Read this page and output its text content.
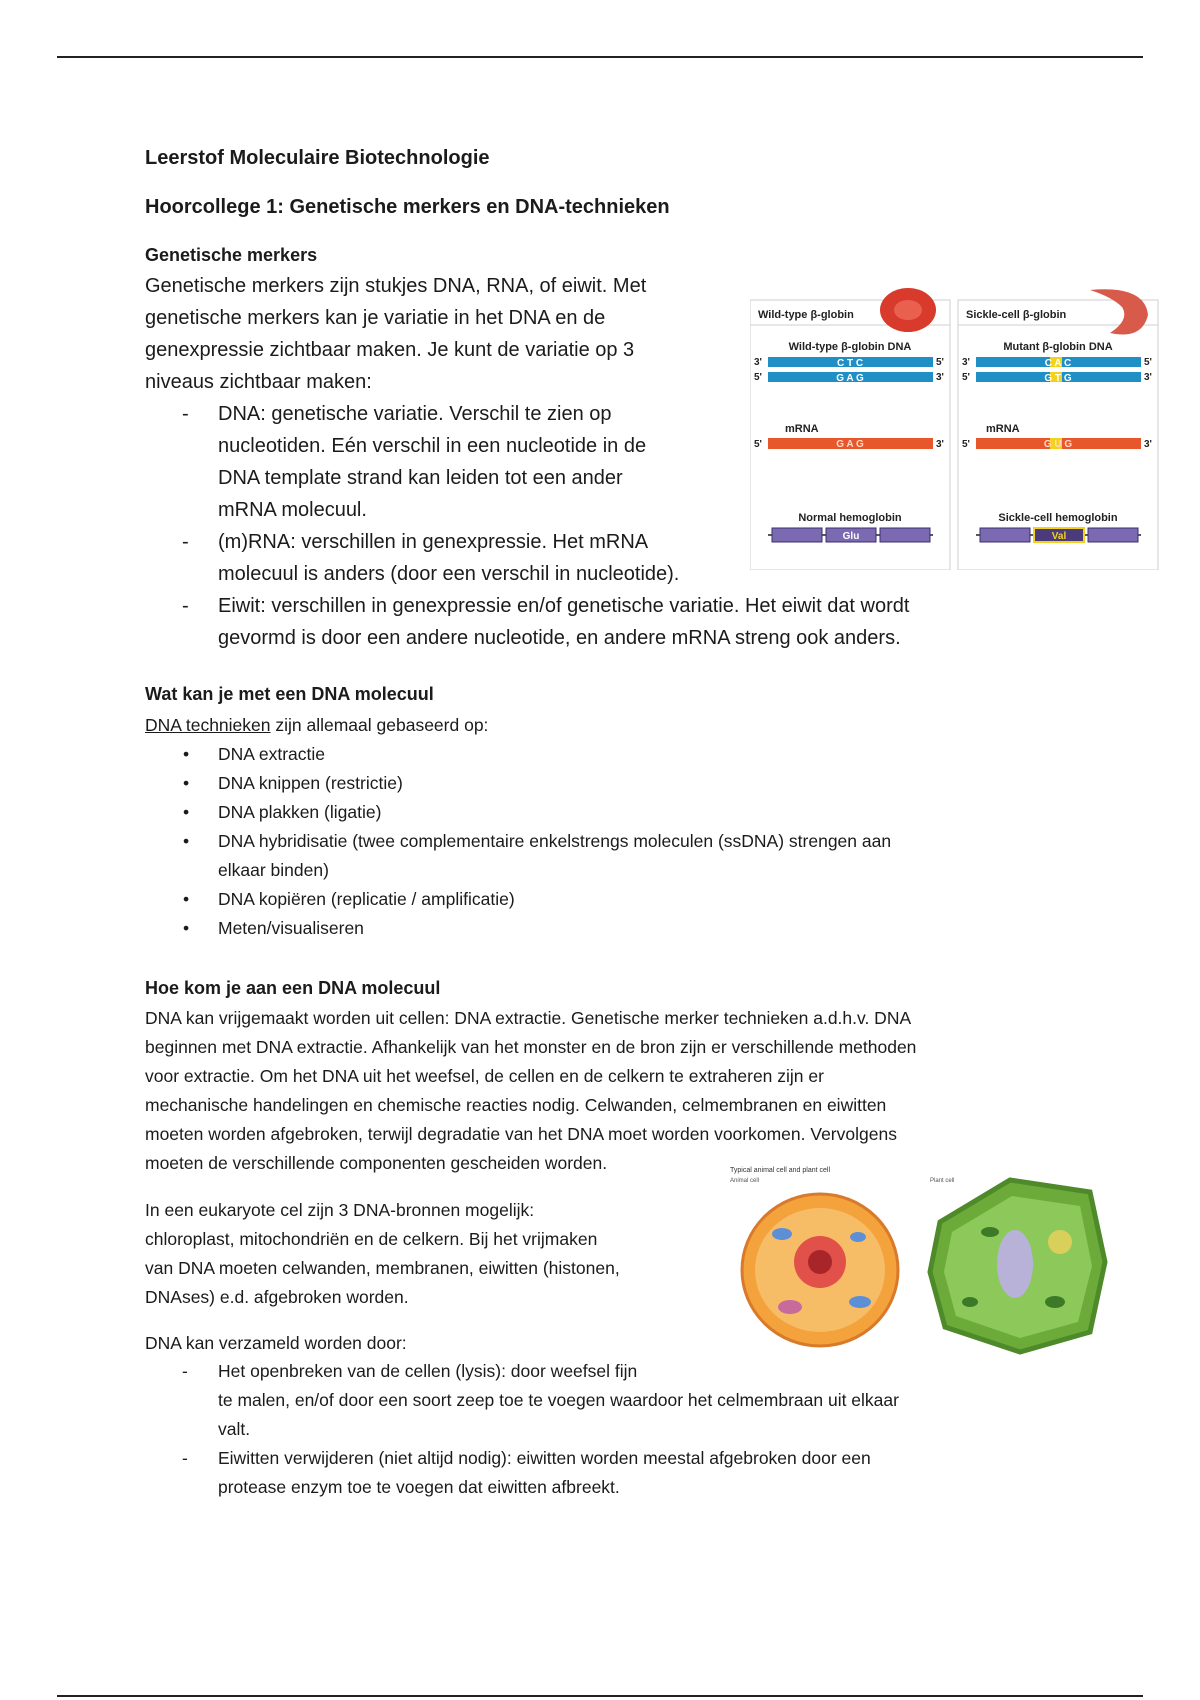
Leerstof Moleculaire Biotechnologie

Hoorcollege 1: Genetische merkers en DNA-technieken

Genetische merkers

Genetische merkers zijn stukjes DNA, RNA, of eiwit. Met
genetische merkers kan je variatie in het DNA en de
genexpressie zichtbaar maken. Je kunt de variatie op 3
niveaus zichtbaar maken:
- DNA: genetische variatie. Verschil te zien op
nucleotiden. Eén verschil in een nucleotide in de
DNA template strand kan leiden tot een ander
mRNA molecuul.
- (m)RNA: verschillen in genexpressie. Het mRNA
molecuul is anders (door een verschil in nucleotide).
- Eiwit: verschillen in genexpressie en/of genetische variatie. Het eiwit dat wordt
gevormd is door een andere nucleotide, en andere mRNA streng ook anders.

Wat kan je met een DNA molecuul

DNA technieken zijn allemaal gebaseerd op:
• DNA extractie
• DNA knippen (restrictie)
• DNA plakken (ligatie)
• DNA hybridisatie (twee complementaire enkelstrengs moleculen (ssDNA) strengen aan
elkaar binden)
• DNA kopiëren (replicatie / amplificatie)
• Meten/visualiseren

Hoe kom je aan een DNA molecuul

DNA kan vrijgemaakt worden uit cellen: DNA extractie. Genetische merker technieken a.d.h.v. DNA
beginnen met DNA extractie. Afhankelijk van het monster en de bron zijn er verschillende methoden
voor extractie. Om het DNA uit het weefsel, de cellen en de celkern te extraheren zijn er
mechanische handelingen en chemische reacties nodig. Celwanden, celmembranen en eiwitten
moeten worden afgebroken, terwijl degradatie van het DNA moet worden voorkomen. Vervolgens
moeten de verschillende componenten gescheiden worden.
In een eukaryote cel zijn 3 DNA-bronnen mogelijk:
chloroplast, mitochondriën en de celkern. Bij het vrijmaken
van DNA moeten celwanden, membranen, eiwitten (histonen,
DNAses) e.d. afgebroken worden.
DNA kan verzameld worden door:
- Het openbreken van de cellen (lysis): door weefsel fijn
te malen, en/of door een soort zeep toe te voegen waardoor het celmembraan uit elkaar
valt.
- Eiwitten verwijderen (niet altijd nodig): eiwitten worden meestal afgebroken door een
protease enzym toe te voegen dat eiwitten afbreekt.
Wild-type β-globin	Sickle-cell β-globin
Wild-type β-globin DNA	Mutant β-globin DNA
3'	C T C	5'
5'	G A G	3'
3'	C A C	5'
5'	G T G	3'
mRNA
5'	G A G	3'
mRNA
5'	G U G	3'
Normal hemoglobin
Glu
Sickle-cell hemoglobin
Val
Typical animal cell and plant cell
Animal cell	Plant cell
